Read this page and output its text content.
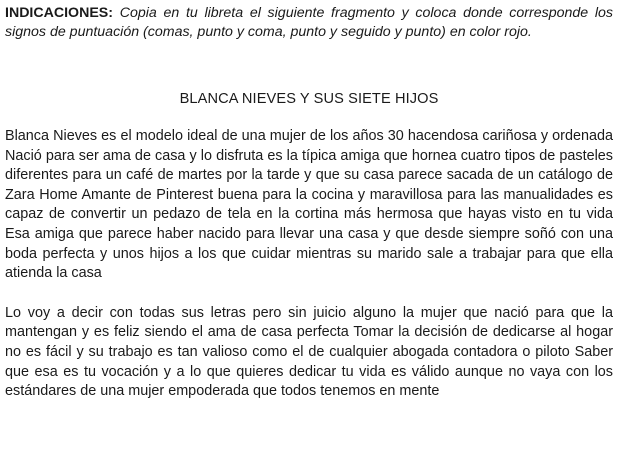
INDICACIONES: Copia en tu libreta el siguiente fragmento y coloca donde corresponde los signos de puntuación (comas, punto y coma, punto y seguido y punto) en color rojo.

BLANCA NIEVES Y SUS SIETE HIJOS

Blanca Nieves es el modelo ideal de una mujer de los años 30 hacendosa cariñosa y ordenada Nació para ser ama de casa y lo disfruta es la típica amiga que hornea cuatro tipos de pasteles diferentes para un café de martes por la tarde y que su casa parece sacada de un catálogo de Zara Home Amante de Pinterest buena para la cocina y maravillosa para las manualidades es capaz de convertir un pedazo de tela en la cortina más hermosa que hayas visto en tu vida Esa amiga que parece haber nacido para llevar una casa y que desde siempre soñó con una boda perfecta y unos hijos a los que cuidar mientras su marido sale a trabajar para que ella atienda la casa

Lo voy a decir con todas sus letras pero sin juicio alguno la mujer que nació para que la mantengan y es feliz siendo el ama de casa perfecta Tomar la decisión de dedicarse al hogar no es fácil y su trabajo es tan valioso como el de cualquier abogada contadora o piloto Saber que esa es tu vocación y a lo que quieres dedicar tu vida es válido aunque no vaya con los estándares de una mujer empoderada que todos tenemos en mente
